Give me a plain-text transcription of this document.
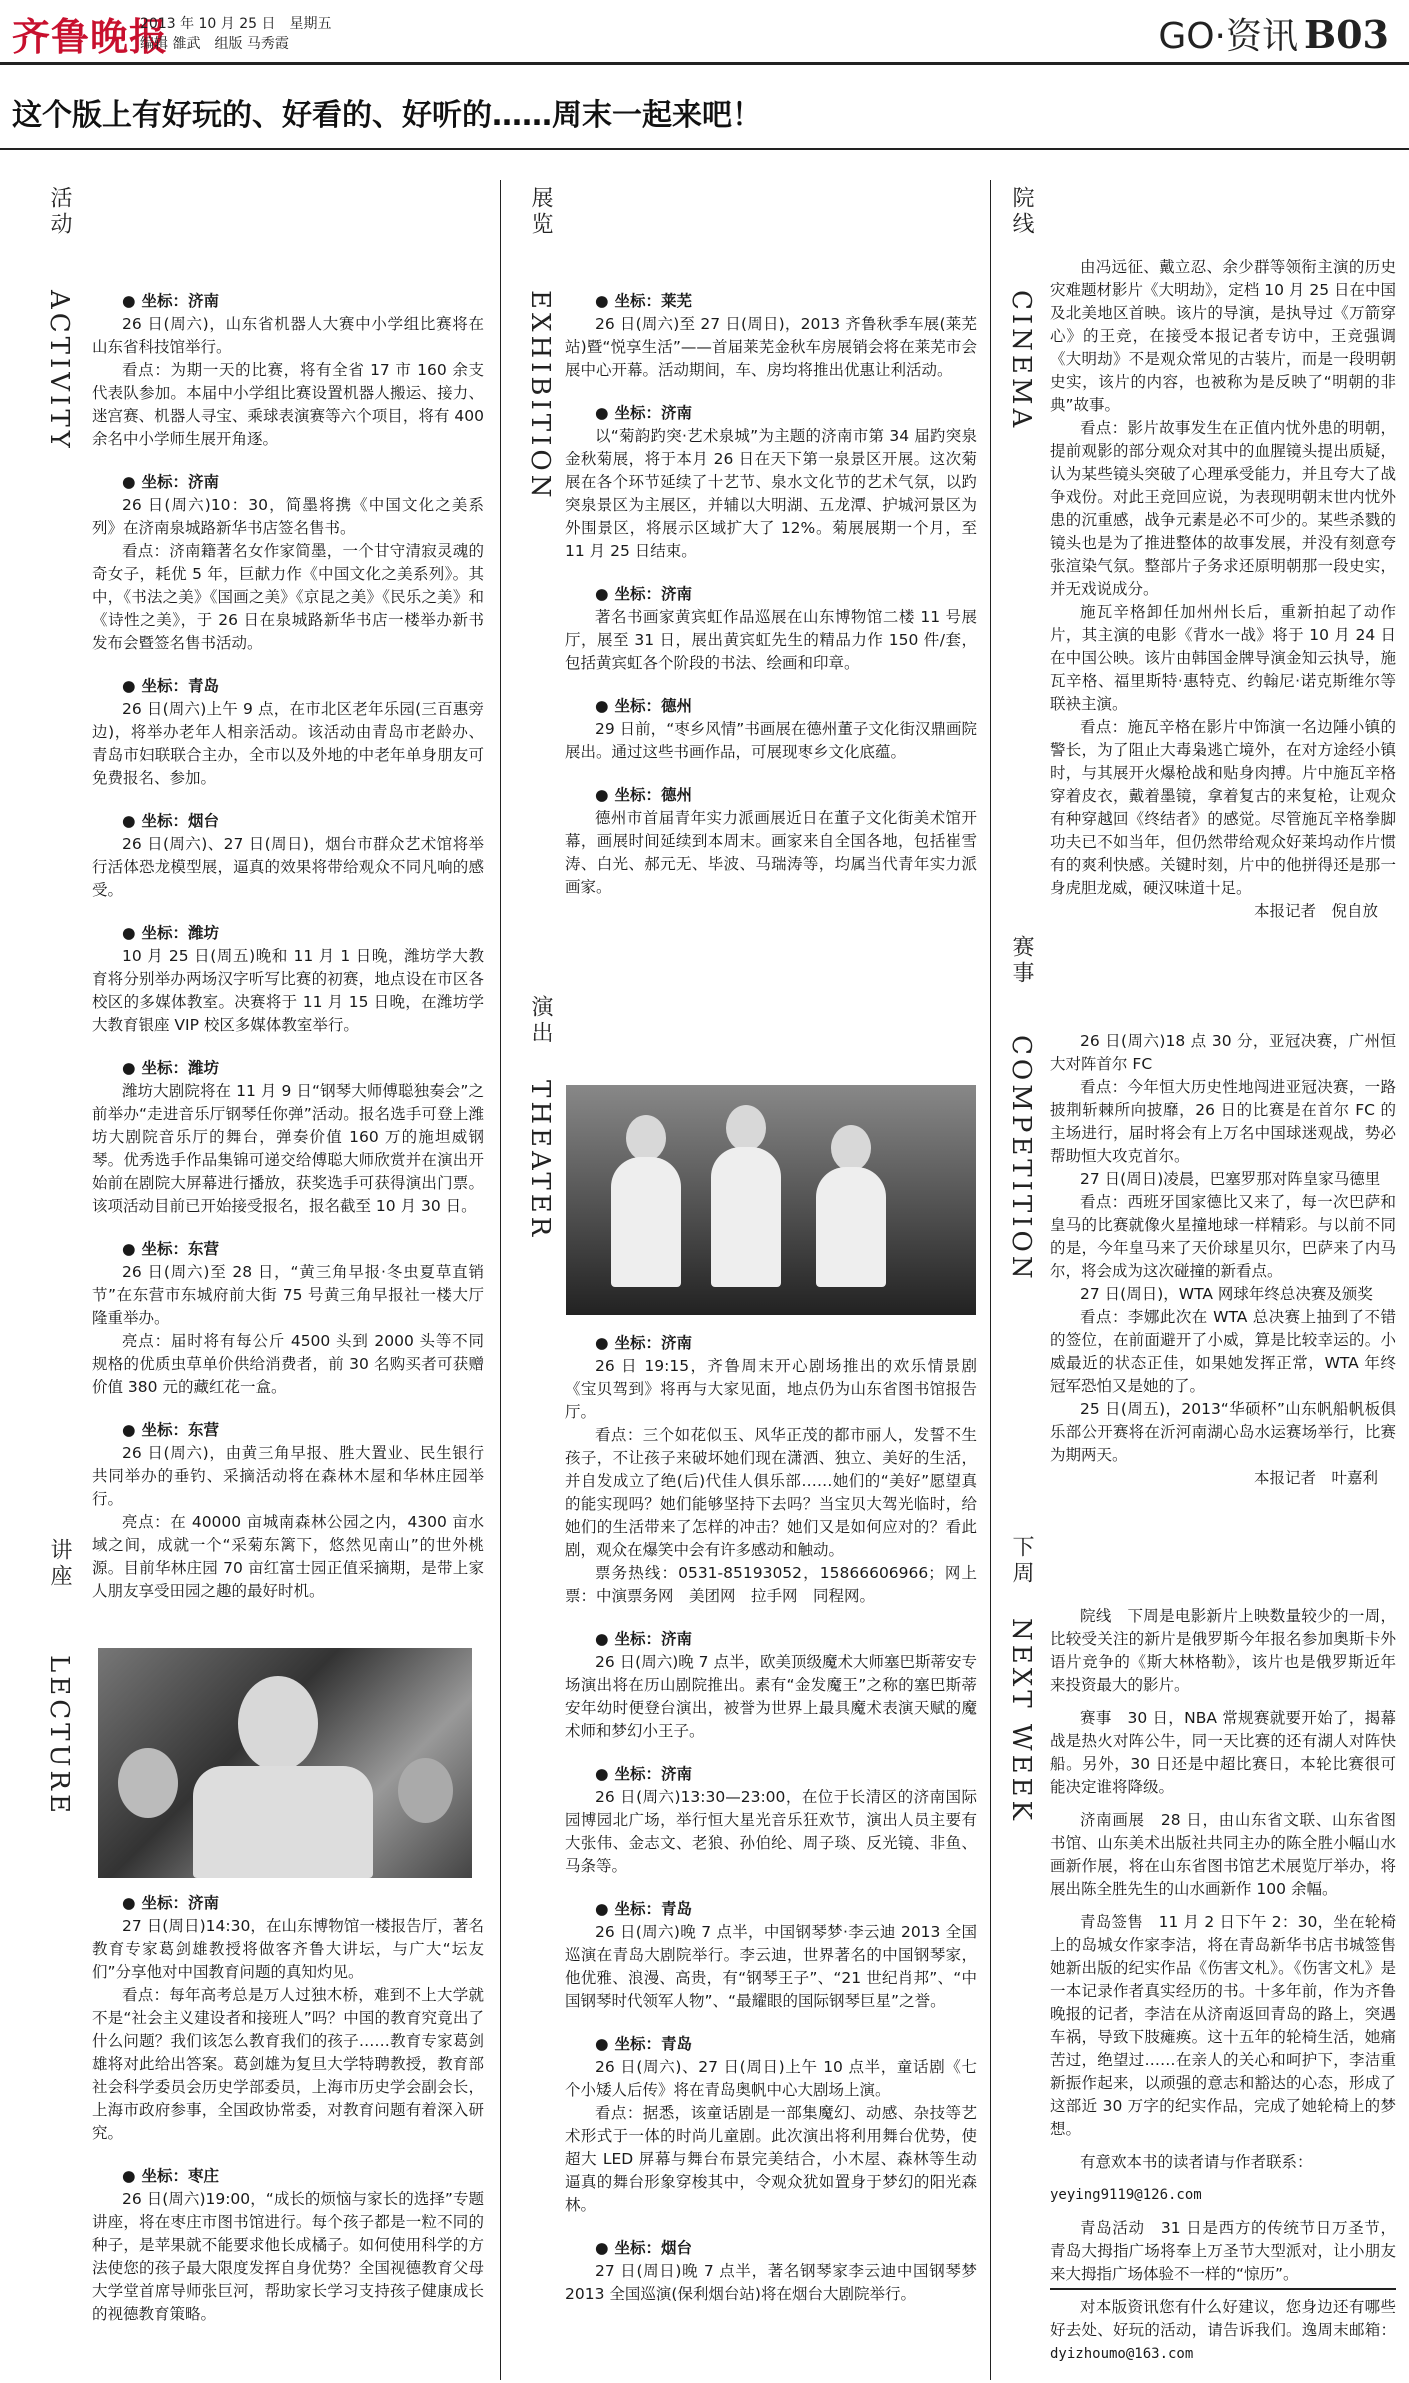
齐鲁晚报
2013 年 10 月 25 日　星期五
编辑 雒武　组版 马秀霞	GO·资讯 B03
这个版上有好玩的、好看的、好听的……周末一起来吧！
活动
ACTIVITY	● 坐标：济南

26 日(周六)，山东省机器人大赛中小学组比赛将在山东省科技馆举行。

看点：为期一天的比赛，将有全省 17 市 160 余支代表队参加。本届中小学组比赛设置机器人搬运、接力、迷宫赛、机器人寻宝、乘球表演赛等六个项目，将有 400 余名中小学师生展开角逐。

● 坐标：济南

26 日(周六)10：30，简墨将携《中国文化之美系列》在济南泉城路新华书店签名售书。

看点：济南籍著名女作家简墨，一个甘守清寂灵魂的奇女子，耗优 5 年，巨献力作《中国文化之美系列》。其中，《书法之美》《国画之美》《京昆之美》《民乐之美》和《诗性之美》，于 26 日在泉城路新华书店一楼举办新书发布会暨签名售书活动。

● 坐标：青岛

26 日(周六)上午 9 点，在市北区老年乐园(三百惠旁边)，将举办老年人相亲活动。该活动由青岛市老龄办、青岛市妇联联合主办，全市以及外地的中老年单身朋友可免费报名、参加。

● 坐标：烟台

26 日(周六)、27 日(周日)，烟台市群众艺术馆将举行活体恐龙模型展，逼真的效果将带给观众不同凡响的感受。

● 坐标：潍坊

10 月 25 日(周五)晚和 11 月 1 日晚，潍坊学大教育将分别举办两场汉字听写比赛的初赛，地点设在市区各校区的多媒体教室。决赛将于 11 月 15 日晚，在潍坊学大教育银座 VIP 校区多媒体教室举行。

● 坐标：潍坊

潍坊大剧院将在 11 月 9 日“钢琴大师傅聪独奏会”之前举办“走进音乐厅钢琴任你弹”活动。报名选手可登上潍坊大剧院音乐厅的舞台，弹奏价值 160 万的施坦威钢琴。优秀选手作品集锦可递交给傅聪大师欣赏并在演出开始前在剧院大屏幕进行播放，获奖选手可获得演出门票。该项活动目前已开始接受报名，报名截至 10 月 30 日。

● 坐标：东营

26 日(周六)至 28 日，“黄三角早报·冬虫夏草直销节”在东营市东城府前大街 75 号黄三角早报社一楼大厅隆重举办。

亮点：届时将有每公斤 4500 头到 2000 头等不同规格的优质虫草单价供给消费者，前 30 名购买者可获赠价值 380 元的藏红花一盒。

● 坐标：东营

26 日(周六)，由黄三角早报、胜大置业、民生银行共同举办的垂钓、采摘活动将在森林木屋和华林庄园举行。

亮点：在 40000 亩城南森林公园之内，4300 亩水域之间，成就一个“采菊东篱下，悠然见南山”的世外桃源。目前华林庄园 70 亩红富士园正值采摘期，是带上家人朋友享受田园之趣的最好时机。

讲座
LECTURE
● 坐标：济南

27 日(周日)14:30，在山东博物馆一楼报告厅，著名教育专家葛剑雄教授将做客齐鲁大讲坛，与广大“坛友们”分享他对中国教育问题的真知灼见。

看点：每年高考总是万人过独木桥，难到不上大学就不是“社会主义建设者和接班人”吗？中国的教育究竟出了什么问题？我们该怎么教育我们的孩子……教育专家葛剑雄将对此给出答案。葛剑雄为复旦大学特聘教授，教育部社会科学委员会历史学部委员，上海市历史学会副会长，上海市政府参事，全国政协常委，对教育问题有着深入研究。

● 坐标：枣庄

26 日(周六)19:00，“成长的烦恼与家长的选择”专题讲座，将在枣庄市图书馆进行。每个孩子都是一粒不同的种子，是苹果就不能要求他长成橘子。如何使用科学的方法使您的孩子最大限度发挥自身优势？全国视德教育父母大学堂首席导师张巨河，帮助家长学习支持孩子健康成长的视德教育策略。

展览
EXHIBITION	● 坐标：莱芜

26 日(周六)至 27 日(周日)，2013 齐鲁秋季车展(莱芜站)暨“悦享生活”——首届莱芜金秋车房展销会将在莱芜市会展中心开幕。活动期间，车、房均将推出优惠让利活动。

● 坐标：济南

以“菊韵趵突·艺术泉城”为主题的济南市第 34 届趵突泉金秋菊展，将于本月 26 日在天下第一泉景区开展。这次菊展在各个环节延续了十艺节、泉水文化节的艺术气氛，以趵突泉景区为主展区，并辅以大明湖、五龙潭、护城河景区为外围景区，将展示区域扩大了 12%。菊展展期一个月，至 11 月 25 日结束。

● 坐标：济南

著名书画家黄宾虹作品巡展在山东博物馆二楼 11 号展厅，展至 31 日，展出黄宾虹先生的精品力作 150 件/套，包括黄宾虹各个阶段的书法、绘画和印章。

● 坐标：德州

29 日前，“枣乡风情”书画展在德州董子文化街汉鼎画院展出。通过这些书画作品，可展现枣乡文化底蕴。

● 坐标：德州

德州市首届青年实力派画展近日在董子文化街美术馆开幕，画展时间延续到本周末。画家来自全国各地，包括崔雪涛、白光、郝元无、毕波、马瑞涛等，均属当代青年实力派画家。

演出
THEATER
● 坐标：济南

26 日 19:15，齐鲁周末开心剧场推出的欢乐情景剧《宝贝驾到》将再与大家见面，地点仍为山东省图书馆报告厅。

看点：三个如花似玉、风华正茂的都市丽人，发誓不生孩子，不让孩子来破坏她们现在潇洒、独立、美好的生活，并自发成立了绝(后)代佳人俱乐部……她们的“美好”愿望真的能实现吗？她们能够坚持下去吗？当宝贝大驾光临时，给她们的生活带来了怎样的冲击？她们又是如何应对的？看此剧，观众在爆笑中会有许多感动和触动。

票务热线：0531-85193052，15866606966；网上票：中演票务网　美团网　拉手网　同程网。

● 坐标：济南

26 日(周六)晚 7 点半，欧美顶级魔术大师塞巴斯蒂安专场演出将在历山剧院推出。素有“金发魔王”之称的塞巴斯蒂安年幼时便登台演出，被誉为世界上最具魔术表演天赋的魔术师和梦幻小王子。

● 坐标：济南

26 日(周六)13:30—23:00，在位于长清区的济南国际园博园北广场，举行恒大星光音乐狂欢节，演出人员主要有大张伟、金志文、老狼、孙伯纶、周子琰、反光镜、非鱼、马条等。

● 坐标：青岛

26 日(周六)晚 7 点半，中国钢琴梦·李云迪 2013 全国巡演在青岛大剧院举行。李云迪，世界著名的中国钢琴家，他优雅、浪漫、高贵，有“钢琴王子”、“21 世纪肖邦”、“中国钢琴时代领军人物”、“最耀眼的国际钢琴巨星”之誉。

● 坐标：青岛

26 日(周六)、27 日(周日)上午 10 点半，童话剧《七个小矮人后传》将在青岛奥帆中心大剧场上演。

看点：据悉，该童话剧是一部集魔幻、动感、杂技等艺术形式于一体的时尚儿童剧。此次演出将利用舞台优势，使超大 LED 屏幕与舞台布景完美结合，小木屋、森林等生动逼真的舞台形象穿梭其中，令观众犹如置身于梦幻的阳光森林。

● 坐标：烟台

27 日(周日)晚 7 点半，著名钢琴家李云迪中国钢琴梦 2013 全国巡演(保利烟台站)将在烟台大剧院举行。

院线
CINEMA

由冯远征、戴立忍、余少群等领衔主演的历史灾难题材影片《大明劫》，定档 10 月 25 日在中国及北美地区首映。该片的导演，是执导过《万箭穿心》的王竞，在接受本报记者专访中，王竞强调《大明劫》不是观众常见的古装片，而是一段明朝史实，该片的内容，也被称为是反映了“明朝的非典”故事。

看点：影片故事发生在正值内忧外患的明朝，提前观影的部分观众对其中的血腥镜头提出质疑，认为某些镜头突破了心理承受能力，并且夸大了战争戏份。对此王竞回应说，为表现明朝末世内忧外患的沉重感，战争元素是必不可少的。某些杀戮的镜头也是为了推进整体的故事发展，并没有刻意夸张渲染气氛。整部片子务求还原明朝那一段史实，并无戏说成分。

施瓦辛格卸任加州州长后，重新拍起了动作片，其主演的电影《背水一战》将于 10 月 24 日在中国公映。该片由韩国金牌导演金知云执导，施瓦辛格、福里斯特·惠特克、约翰尼·诺克斯维尔等联袂主演。

看点：施瓦辛格在影片中饰演一名边陲小镇的警长，为了阻止大毒枭逃亡境外，在对方途经小镇时，与其展开火爆枪战和贴身肉搏。片中施瓦辛格穿着皮衣，戴着墨镜，拿着复古的来复枪，让观众有种穿越回《终结者》的感觉。尽管施瓦辛格拳脚功夫已不如当年，但仍然带给观众好莱坞动作片惯有的爽利快感。关键时刻，片中的他拼得还是那一身虎胆龙威，硬汉味道十足。

本报记者　倪自放

赛事
COMPETITION	26 日(周六)18 点 30 分，亚冠决赛，广州恒大对阵首尔 FC

看点：今年恒大历史性地闯进亚冠决赛，一路披荆斩棘所向披靡，26 日的比赛是在首尔 FC 的主场进行，届时将会有上万名中国球迷观战，势必帮助恒大攻克首尔。

27 日(周日)凌晨，巴塞罗那对阵皇家马德里

看点：西班牙国家德比又来了，每一次巴萨和皇马的比赛就像火星撞地球一样精彩。与以前不同的是，今年皇马来了天价球星贝尔，巴萨来了内马尔，将会成为这次碰撞的新看点。

27 日(周日)，WTA 网球年终总决赛及颁奖

看点：李娜此次在 WTA 总决赛上抽到了不错的签位，在前面避开了小威，算是比较幸运的。小威最近的状态正佳，如果她发挥正常，WTA 年终冠军恐怕又是她的了。

25 日(周五)，2013“华硕杯”山东帆船帆板俱乐部公开赛将在沂河南湖心岛水运赛场举行，比赛为期两天。

本报记者　叶嘉利

下周
NEXT WEEK

院线　下周是电影新片上映数量较少的一周，比较受关注的新片是俄罗斯今年报名参加奥斯卡外语片竞争的《斯大林格勒》，该片也是俄罗斯近年来投资最大的影片。

赛事　30 日，NBA 常规赛就要开始了，揭幕战是热火对阵公牛，同一天比赛的还有湖人对阵快船。另外，30 日还是中超比赛日，本轮比赛很可能决定谁将降级。

济南画展　28 日，由山东省文联、山东省图书馆、山东美术出版社共同主办的陈全胜小幅山水画新作展，将在山东省图书馆艺术展览厅举办，将展出陈全胜先生的山水画新作 100 余幅。

青岛签售　11 月 2 日下午 2：30，坐在轮椅上的岛城女作家李洁，将在青岛新华书店书城签售她新出版的纪实作品《伤害文札》。《伤害文札》是一本记录作者真实经历的书。十多年前，作为齐鲁晚报的记者，李洁在从济南返回青岛的路上，突遇车祸，导致下肢瘫痪。这十五年的轮椅生活，她痛苦过，绝望过……在亲人的关心和呵护下，李洁重新振作起来，以顽强的意志和豁达的心态，形成了这部近 30 万字的纪实作品，完成了她轮椅上的梦想。

有意欢本书的读者请与作者联系：

yeying9119@126.com

青岛活动　31 日是西方的传统节日万圣节，青岛大拇指广场将奉上万圣节大型派对，让小朋友来大拇指广场体验不一样的“惊历”。

对本版资讯您有什么好建议，您身边还有哪些好去处、好玩的活动，请告诉我们。逸周末邮箱：dyizhoumo@163.com
